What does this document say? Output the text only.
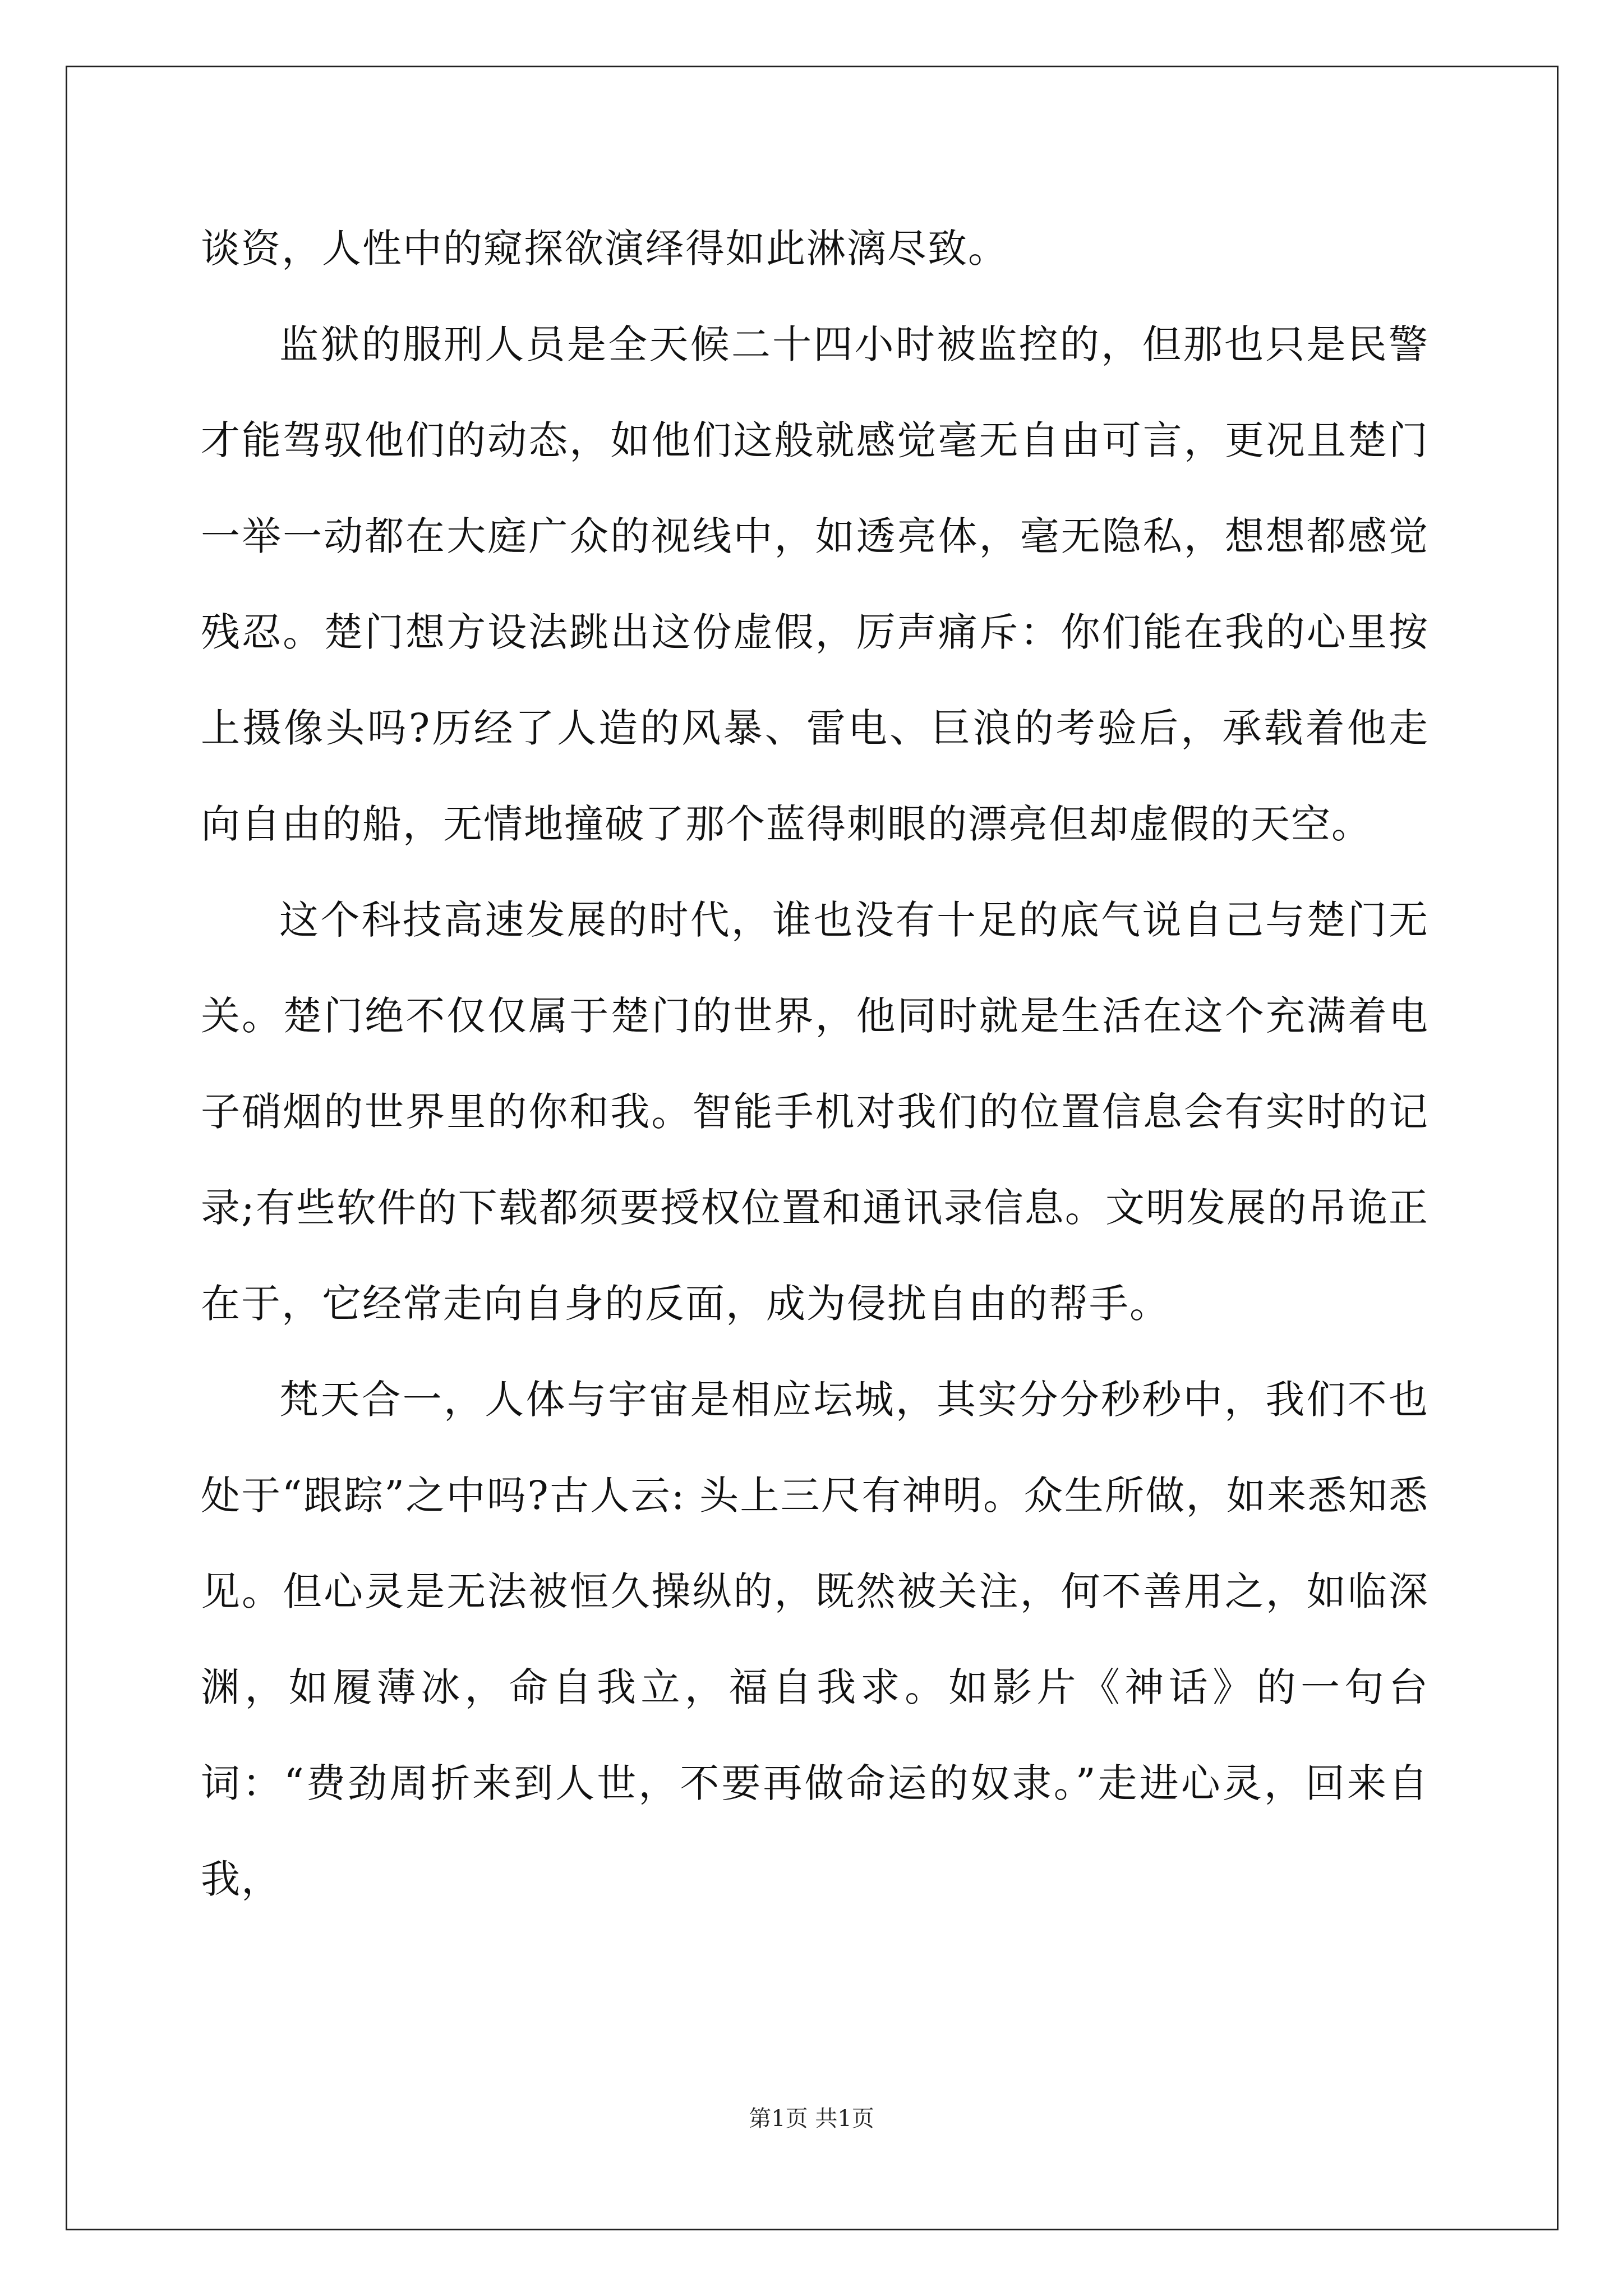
谈资，人性中的窥探欲演绎得如此淋漓尽致。

监狱的服刑人员是全天候二十四小时被监控的，但那也只是民警才能驾驭他们的动态，如他们这般就感觉毫无自由可言，更况且楚门一举一动都在大庭广众的视线中，如透亮体，毫无隐私，想想都感觉残忍。楚门想方设法跳出这份虚假，厉声痛斥：你们能在我的心里按上摄像头吗?历经了人造的风暴、雷电、巨浪的考验后，承载着他走向自由的船，无情地撞破了那个蓝得刺眼的漂亮但却虚假的天空。

这个科技高速发展的时代，谁也没有十足的底气说自己与楚门无关。楚门绝不仅仅属于楚门的世界，他同时就是生活在这个充满着电子硝烟的世界里的你和我。智能手机对我们的位置信息会有实时的记录;有些软件的下载都须要授权位置和通讯录信息。文明发展的吊诡正在于，它经常走向自身的反面，成为侵扰自由的帮手。

梵天合一，人体与宇宙是相应坛城，其实分分秒秒中，我们不也处于“跟踪”之中吗?古人云: 头上三尺有神明。众生所做，如来悉知悉见。但心灵是无法被恒久操纵的，既然被关注，何不善用之，如临深渊，如履薄冰，命自我立，福自我求。如影片《神话》的一句台词：“费劲周折来到人世，不要再做命运的奴隶。”走进心灵，回来自我，

第1页 共1页
